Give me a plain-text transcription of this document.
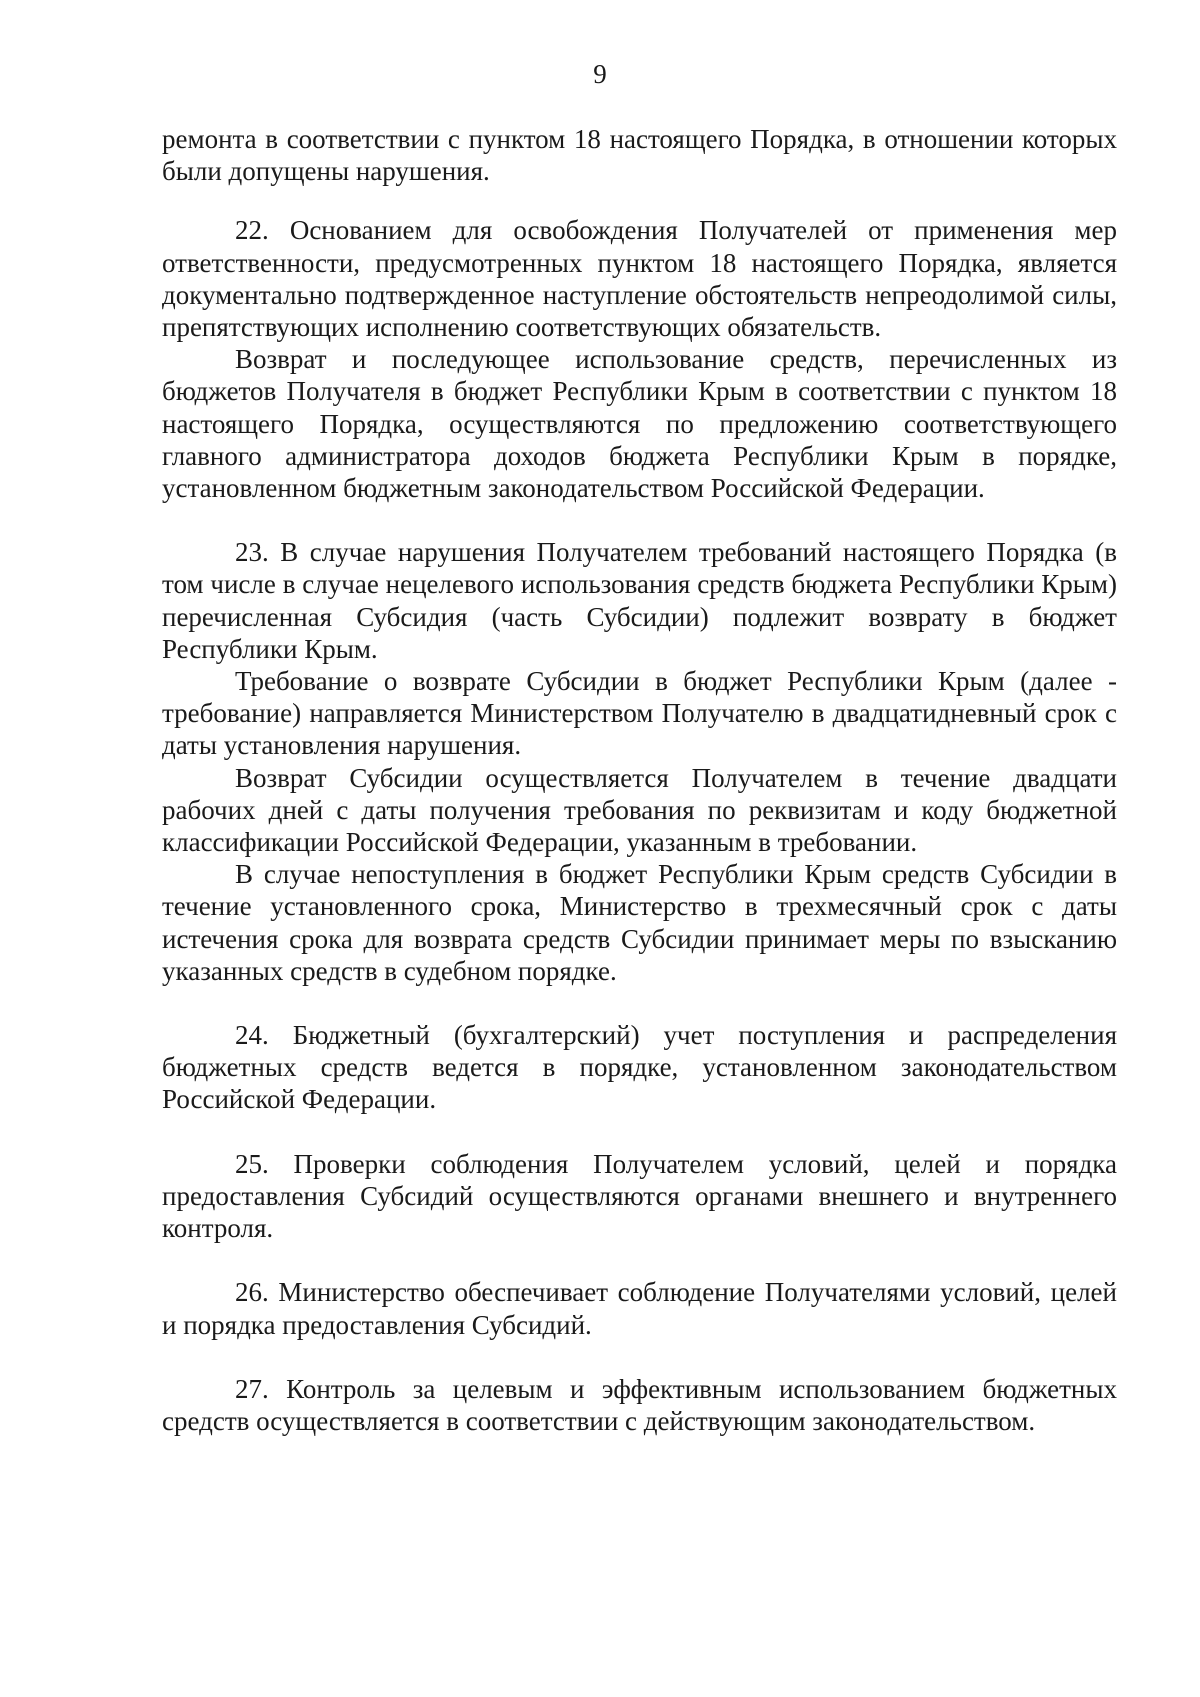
9

ремонта в соответствии с пунктом 18 настоящего Порядка, в отношении которых были допущены нарушения.

22. Основанием для освобождения Получателей от применения мер ответственности, предусмотренных пунктом 18 настоящего Порядка, является документально подтвержденное наступление обстоятельств непреодолимой силы, препятствующих исполнению соответствующих обязательств.

Возврат и последующее использование средств, перечисленных из бюджетов Получателя в бюджет Республики Крым в соответствии с пунктом 18 настоящего Порядка, осуществляются по предложению соответствующего главного администратора доходов бюджета Республики Крым в порядке, установленном бюджетным законодательством Российской Федерации.

23. В случае нарушения Получателем требований настоящего Порядка (в том числе в случае нецелевого использования средств бюджета Республики Крым) перечисленная Субсидия (часть Субсидии) подлежит возврату в бюджет Республики Крым.

Требование о возврате Субсидии в бюджет Республики Крым (далее - требование) направляется Министерством Получателю в двадцатидневный срок с даты установления нарушения.

Возврат Субсидии осуществляется Получателем в течение двадцати рабочих дней с даты получения требования по реквизитам и коду бюджетной классификации Российской Федерации, указанным в требовании.

В случае непоступления в бюджет Республики Крым средств Субсидии в течение установленного срока, Министерство в трехмесячный срок с даты истечения срока для возврата средств Субсидии принимает меры по взысканию указанных средств в судебном порядке.

24. Бюджетный (бухгалтерский) учет поступления и распределения бюджетных средств ведется в порядке, установленном законодательством Российской Федерации.

25. Проверки соблюдения Получателем условий, целей и порядка предоставления Субсидий осуществляются органами внешнего и внутреннего контроля.

26. Министерство обеспечивает соблюдение Получателями условий, целей и порядка предоставления Субсидий.

27. Контроль за целевым и эффективным использованием бюджетных средств осуществляется в соответствии с действующим законодательством.
